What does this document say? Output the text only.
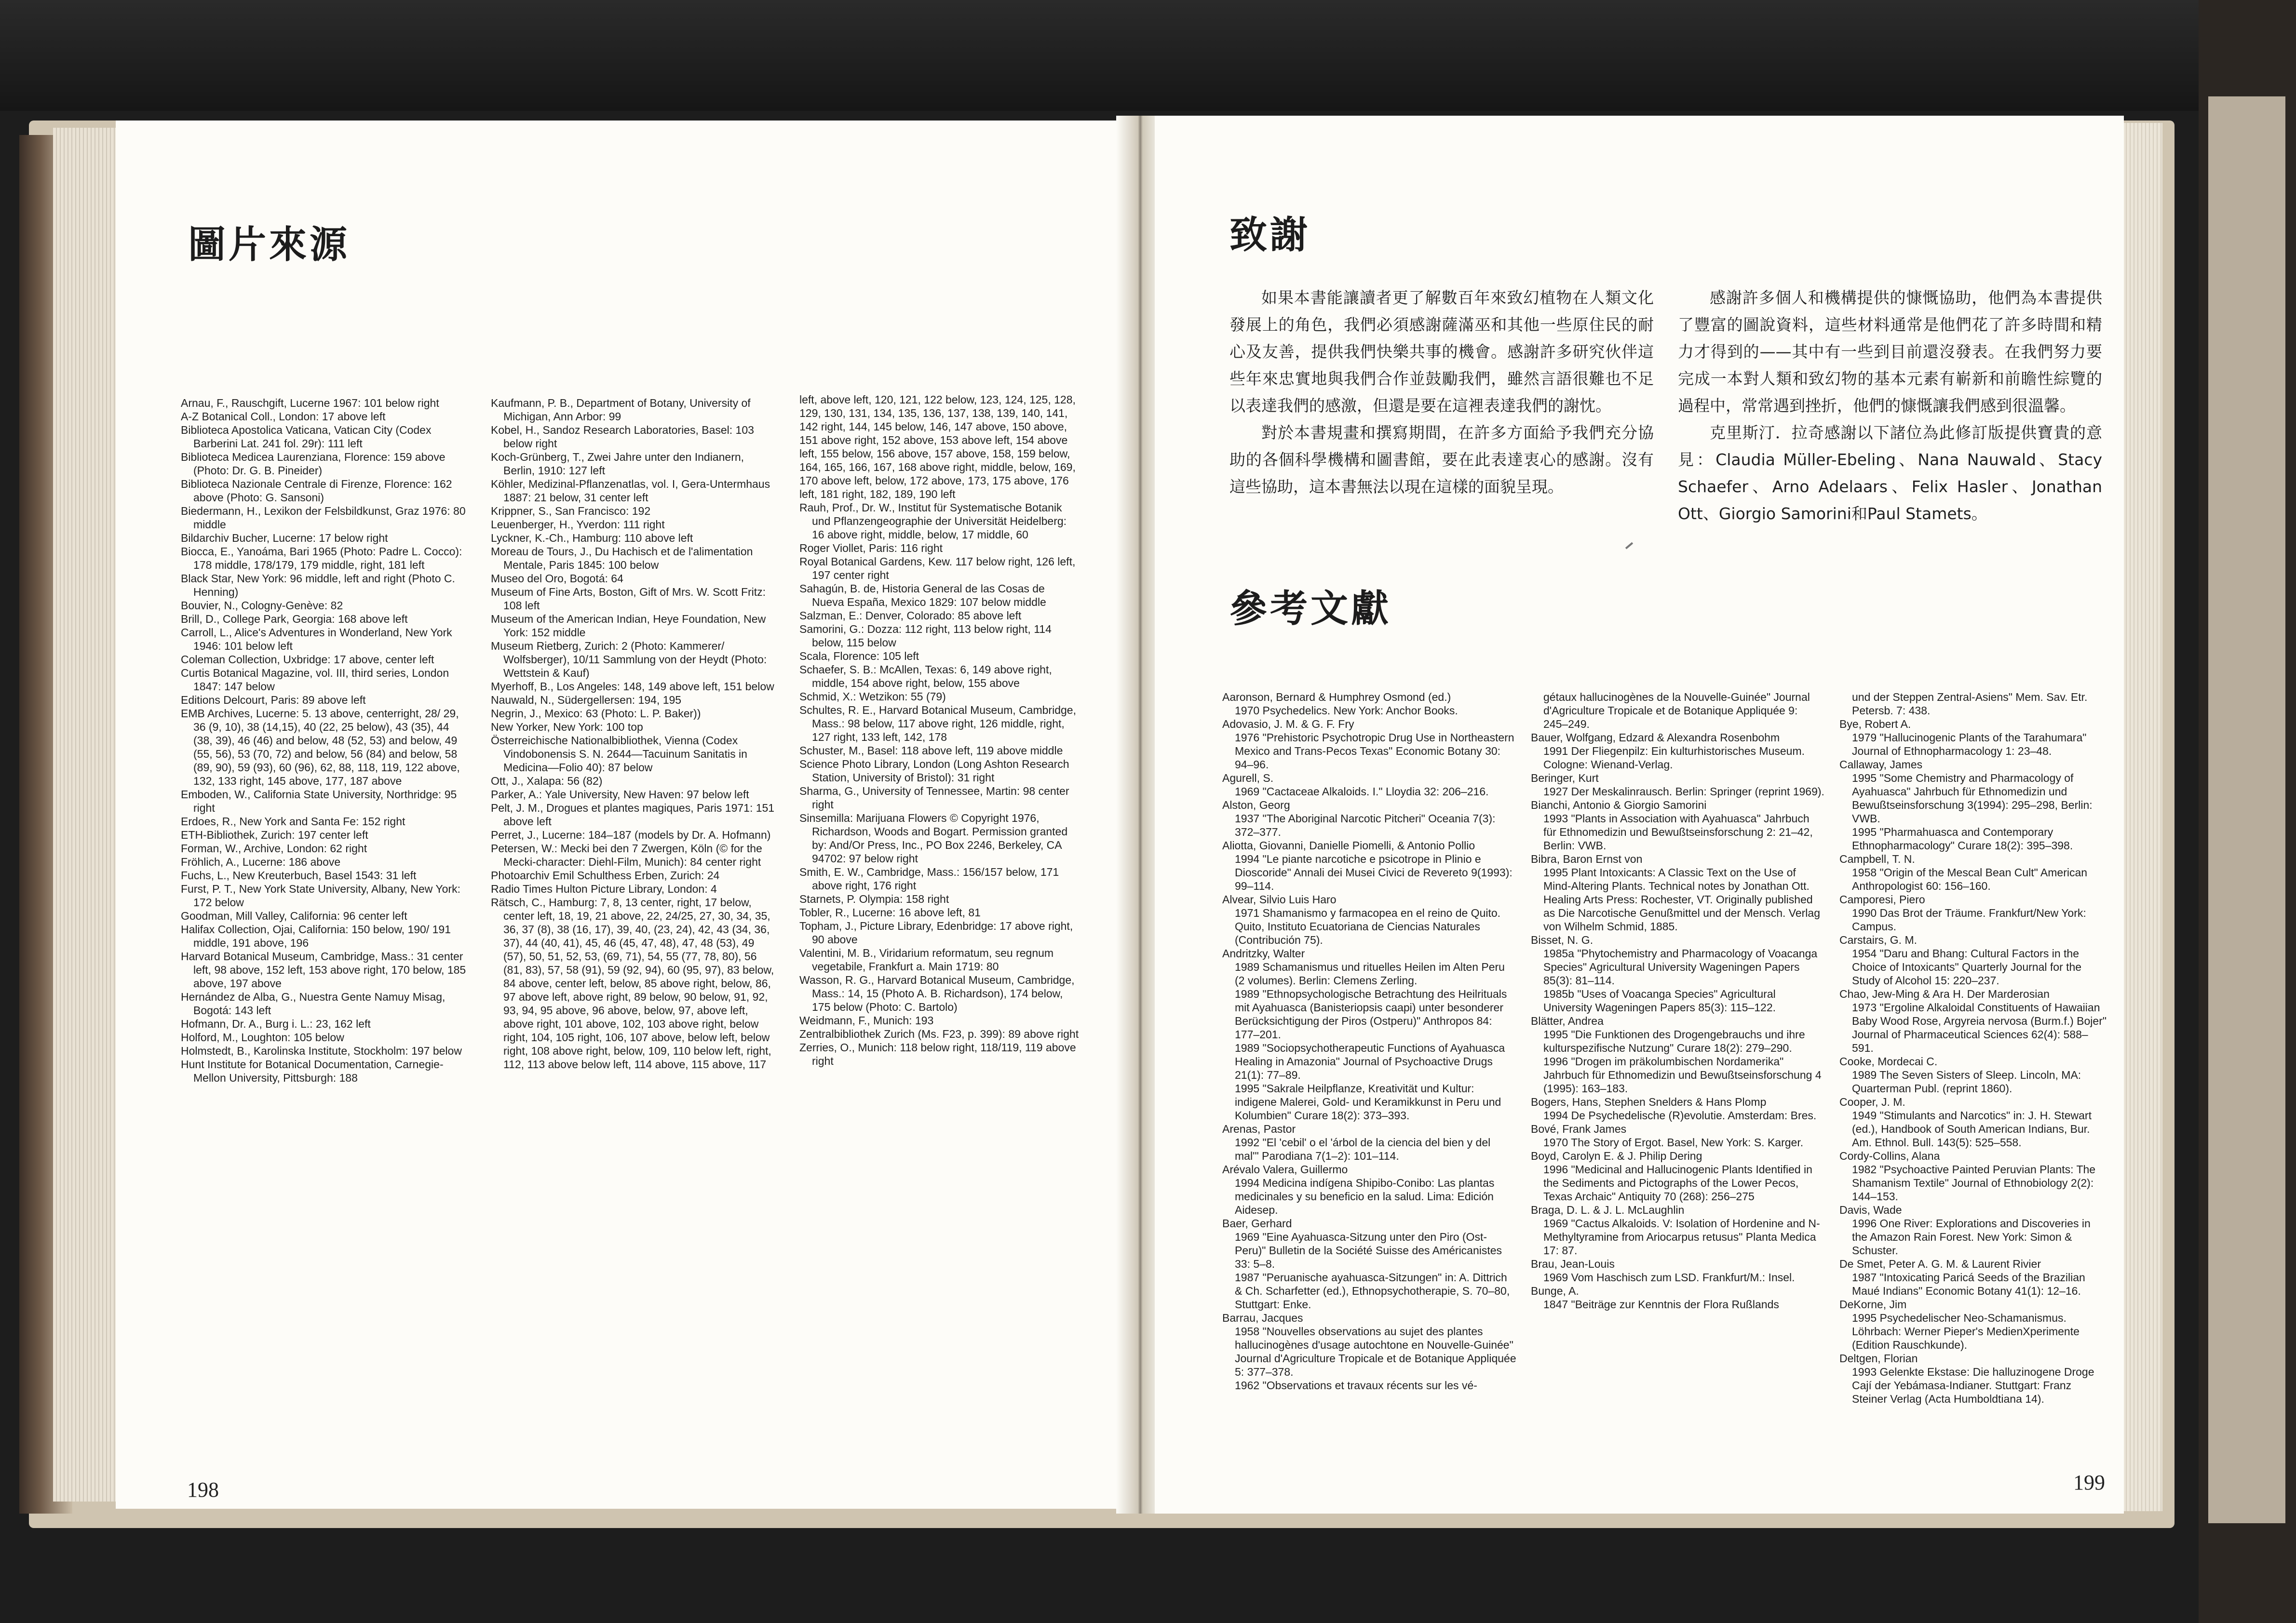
圖片來源

Arnau, F., Rauschgift, Lucerne 1967: 101 below right

A-Z Botanical Coll., London: 17 above left

Biblioteca Apostolica Vaticana, Vatican City (Codex Barberini Lat. 241 fol. 29r): 111 left

Biblioteca Medicea Laurenziana, Florence: 159 above (Photo: Dr. G. B. Pineider)

Biblioteca Nazionale Centrale di Firenze, Florence: 162 above (Photo: G. Sansoni)

Biedermann, H., Lexikon der Felsbildkunst, Graz 1976: 80 middle

Bildarchiv Bucher, Lucerne: 17 below right

Biocca, E., Yanoáma, Bari 1965 (Photo: Padre L. Cocco): 178 middle, 178/179, 179 middle, right, 181 left

Black Star, New York: 96 middle, left and right (Photo C. Henning)

Bouvier, N., Cologny-Genève: 82

Brill, D., College Park, Georgia: 168 above left

Carroll, L., Alice's Adventures in Wonderland, New York 1946: 101 below left

Coleman Collection, Uxbridge: 17 above, center left

Curtis Botanical Magazine, vol. III, third series, London 1847: 147 below

Editions Delcourt, Paris: 89 above left

EMB Archives, Lucerne: 5. 13 above, centerright, 28/ 29, 36 (9, 10), 38 (14,15), 40 (22, 25 below), 43 (35), 44 (38, 39), 46 (46) and below, 48 (52, 53) and below, 49 (55, 56), 53 (70, 72) and below, 56 (84) and below, 58 (89, 90), 59 (93), 60 (96), 62, 88, 118, 119, 122 above, 132, 133 right, 145 above, 177, 187 above

Emboden, W., California State University, Northridge: 95 right

Erdoes, R., New York and Santa Fe: 152 right

ETH-Bibliothek, Zurich: 197 center left

Forman, W., Archive, London: 62 right

Fröhlich, A., Lucerne: 186 above

Fuchs, L., New Kreuterbuch, Basel 1543: 31 left

Furst, P. T., New York State University, Albany, New York: 172 below

Goodman, Mill Valley, California: 96 center left

Halifax Collection, Ojai, California: 150 below, 190/ 191 middle, 191 above, 196

Harvard Botanical Museum, Cambridge, Mass.: 31 center left, 98 above, 152 left, 153 above right, 170 below, 185 above, 197 above

Hernández de Alba, G., Nuestra Gente Namuy Misag, Bogotá: 143 left

Hofmann, Dr. A., Burg i. L.: 23, 162 left

Holford, M., Loughton: 105 below

Holmstedt, B., Karolinska Institute, Stockholm: 197 below

Hunt Institute for Botanical Documentation, Carnegie-Mellon University, Pittsburgh: 188

Kaufmann, P. B., Department of Botany, University of Michigan, Ann Arbor: 99

Kobel, H., Sandoz Research Laboratories, Basel: 103 below right

Koch-Grünberg, T., Zwei Jahre unter den Indianern, Berlin, 1910: 127 left

Köhler, Medizinal-Pflanzenatlas, vol. I, Gera-Untermhaus 1887: 21 below, 31 center left

Krippner, S., San Francisco: 192

Leuenberger, H., Yverdon: 111 right

Lyckner, K.-Ch., Hamburg: 110 above left

Moreau de Tours, J., Du Hachisch et de l'alimentation Mentale, Paris 1845: 100 below

Museo del Oro, Bogotá: 64

Museum of Fine Arts, Boston, Gift of Mrs. W. Scott Fritz: 108 left

Museum of the American Indian, Heye Foundation, New York: 152 middle

Museum Rietberg, Zurich: 2 (Photo: Kammerer/ Wolfsberger), 10/11 Sammlung von der Heydt (Photo: Wettstein & Kauf)

Myerhoff, B., Los Angeles: 148, 149 above left, 151 below

Nauwald, N., Südergellersen: 194, 195

Negrin, J., Mexico: 63 (Photo: L. P. Baker))

New Yorker, New York: 100 top

Österreichische Nationalbibliothek, Vienna (Codex Vindobonensis S. N. 2644—Tacuinum Sanitatis in Medicina—Folio 40): 87 below

Ott, J., Xalapa: 56 (82)

Parker, A.: Yale University, New Haven: 97 below left

Pelt, J. M., Drogues et plantes magiques, Paris 1971: 151 above left

Perret, J., Lucerne: 184–187 (models by Dr. A. Hofmann)

Petersen, W.: Mecki bei den 7 Zwergen, Köln (© for the Mecki-character: Diehl-Film, Munich): 84 center right

Photoarchiv Emil Schulthess Erben, Zurich: 24

Radio Times Hulton Picture Library, London: 4

Rätsch, C., Hamburg: 7, 8, 13 center, right, 17 below, center left, 18, 19, 21 above, 22, 24/25, 27, 30, 34, 35, 36, 37 (8), 38 (16, 17), 39, 40, (23, 24), 42, 43 (34, 36, 37), 44 (40, 41), 45, 46 (45, 47, 48), 47, 48 (53), 49 (57), 50, 51, 52, 53, (69, 71), 54, 55 (77, 78, 80), 56 (81, 83), 57, 58 (91), 59 (92, 94), 60 (95, 97), 83 below, 84 above, center left, below, 85 above right, below, 86, 97 above left, above right, 89 below, 90 below, 91, 92, 93, 94, 95 above, 96 above, below, 97, above left, above right, 101 above, 102, 103 above right, below right, 104, 105 right, 106, 107 above, below left, below right, 108 above right, below, 109, 110 below left, right, 112, 113 above below left, 114 above, 115 above, 117

left, above left, 120, 121, 122 below, 123, 124, 125, 128, 129, 130, 131, 134, 135, 136, 137, 138, 139, 140, 141, 142 right, 144, 145 below, 146, 147 above, 150 above, 151 above right, 152 above, 153 above left, 154 above left, 155 below, 156 above, 157 above, 158, 159 below, 164, 165, 166, 167, 168 above right, middle, below, 169, 170 above left, below, 172 above, 173, 175 above, 176 left, 181 right, 182, 189, 190 left

Rauh, Prof., Dr. W., Institut für Systematische Botanik und Pflanzengeographie der Universität Heidelberg: 16 above right, middle, below, 17 middle, 60

Roger Viollet, Paris: 116 right

Royal Botanical Gardens, Kew. 117 below right, 126 left, 197 center right

Sahagún, B. de, Historia General de las Cosas de Nueva España, Mexico 1829: 107 below middle

Salzman, E.: Denver, Colorado: 85 above left

Samorini, G.: Dozza: 112 right, 113 below right, 114 below, 115 below

Scala, Florence: 105 left

Schaefer, S. B.: McAllen, Texas: 6, 149 above right, middle, 154 above right, below, 155 above

Schmid, X.: Wetzikon: 55 (79)

Schultes, R. E., Harvard Botanical Museum, Cambridge, Mass.: 98 below, 117 above right, 126 middle, right, 127 right, 133 left, 142, 178

Schuster, M., Basel: 118 above left, 119 above middle

Science Photo Library, London (Long Ashton Research Station, University of Bristol): 31 right

Sharma, G., University of Tennessee, Martin: 98 center right

Sinsemilla: Marijuana Flowers © Copyright 1976, Richardson, Woods and Bogart. Permission granted by: And/Or Press, Inc., PO Box 2246, Berkeley, CA 94702: 97 below right

Smith, E. W., Cambridge, Mass.: 156/157 below, 171 above right, 176 right

Starnets, P. Olympia: 158 right

Tobler, R., Lucerne: 16 above left, 81

Topham, J., Picture Library, Edenbridge: 17 above right, 90 above

Valentini, M. B., Viridarium reformatum, seu regnum vegetabile, Frankfurt a. Main 1719: 80

Wasson, R. G., Harvard Botanical Museum, Cambridge, Mass.: 14, 15 (Photo A. B. Richardson), 174 below, 175 below (Photo: C. Bartolo)

Weidmann, F., Munich: 193

Zentralbibliothek Zurich (Ms. F23, p. 399): 89 above right

Zerries, O., Munich: 118 below right, 118/119, 119 above right

198
致謝

如果本書能讓讀者更了解數百年來致幻植物在人類文化發展上的角色，我們必須感謝薩滿巫和其他一些原住民的耐心及友善，提供我們快樂共事的機會。感謝許多研究伙伴這些年來忠實地與我們合作並鼓勵我們，雖然言語很難也不足以表達我們的感激，但還是要在這裡表達我們的謝忱。

對於本書規畫和撰寫期間，在許多方面給予我們充分協助的各個科學機構和圖書館，要在此表達衷心的感謝。沒有這些協助，這本書無法以現在這樣的面貌呈現。

感謝許多個人和機構提供的慷慨協助，他們為本書提供了豐富的圖說資料，這些材料通常是他們花了許多時間和精力才得到的——其中有一些到目前還沒發表。在我們努力要完成一本對人類和致幻物的基本元素有嶄新和前瞻性綜覽的過程中，常常遇到挫折，他們的慷慨讓我們感到很溫馨。

克里斯汀．拉奇感謝以下諸位為此修訂版提供寶貴的意見：Claudia Müller-Ebeling、Nana Nauwald、Stacy Schaefer、Arno Adelaars、Felix Hasler、Jonathan Ott、Giorgio Samorini和Paul Stamets。

參考文獻

Aaronson, Bernard & Humphrey Osmond (ed.)

1970 Psychedelics. New York: Anchor Books.

Adovasio, J. M. & G. F. Fry

1976 "Prehistoric Psychotropic Drug Use in Northeastern Mexico and Trans-Pecos Texas" Economic Botany 30: 94–96.

Agurell, S.

1969 "Cactaceae Alkaloids. I." Lloydia 32: 206–216.

Alston, Georg

1937 "The Aboriginal Narcotic Pitcheri" Oceania 7(3): 372–377.

Aliotta, Giovanni, Danielle Piomelli, & Antonio Pollio

1994 "Le piante narcotiche e psicotrope in Plinio e Dioscoride" Annali dei Musei Civici de Revereto 9(1993): 99–114.

Alvear, Silvio Luis Haro

1971 Shamanismo y farmacopea en el reino de Quito. Quito, Instituto Ecuatoriana de Ciencias Naturales (Contribución 75).

Andritzky, Walter

1989 Schamanismus und rituelles Heilen im Alten Peru (2 volumes). Berlin: Clemens Zerling.

1989 "Ethnopsychologische Betrachtung des Heilrituals mit Ayahuasca (Banisteriopsis caapi) unter besonderer Berücksichtigung der Piros (Ostperu)" Anthropos 84: 177–201.

1989 "Sociopsychotherapeutic Functions of Ayahuasca Healing in Amazonia" Journal of Psychoactive Drugs 21(1): 77–89.

1995 "Sakrale Heilpflanze, Kreativität und Kultur: indigene Malerei, Gold- und Keramikkunst in Peru und Kolumbien" Curare 18(2): 373–393.

Arenas, Pastor

1992 "El 'cebil' o el 'árbol de la ciencia del bien y del mal'" Parodiana 7(1–2): 101–114.

Arévalo Valera, Guillermo

1994 Medicina indígena Shipibo-Conibo: Las plantas medicinales y su beneficio en la salud. Lima: Edición Aidesep.

Baer, Gerhard

1969 "Eine Ayahuasca-Sitzung unter den Piro (Ost-Peru)" Bulletin de la Société Suisse des Américanistes 33: 5–8.

1987 "Peruanische ayahuasca-Sitzungen" in: A. Dittrich & Ch. Scharfetter (ed.), Ethnopsychotherapie, S. 70–80, Stuttgart: Enke.

Barrau, Jacques

1958 "Nouvelles observations au sujet des plantes hallucinogènes d'usage autochtone en Nouvelle-Guinée" Journal d'Agriculture Tropicale et de Botanique Appliquée 5: 377–378.

1962 "Observations et travaux récents sur les vé-

gétaux hallucinogènes de la Nouvelle-Guinée" Journal d'Agriculture Tropicale et de Botanique Appliquée 9: 245–249.

Bauer, Wolfgang, Edzard & Alexandra Rosenbohm

1991 Der Fliegenpilz: Ein kulturhistorisches Museum. Cologne: Wienand-Verlag.

Beringer, Kurt

1927 Der Meskalinrausch. Berlin: Springer (reprint 1969).

Bianchi, Antonio & Giorgio Samorini

1993 "Plants in Association with Ayahuasca" Jahrbuch für Ethnomedizin und Bewußtseinsforschung 2: 21–42, Berlin: VWB.

Bibra, Baron Ernst von

1995 Plant Intoxicants: A Classic Text on the Use of Mind-Altering Plants. Technical notes by Jonathan Ott. Healing Arts Press: Rochester, VT. Originally published as Die Narcotische Genußmittel und der Mensch. Verlag von Wilhelm Schmid, 1885.

Bisset, N. G.

1985a "Phytochemistry and Pharmacology of Voacanga Species" Agricultural University Wageningen Papers 85(3): 81–114.

1985b "Uses of Voacanga Species" Agricultural University Wageningen Papers 85(3): 115–122.

Blätter, Andrea

1995 "Die Funktionen des Drogengebrauchs und ihre kulturspezifische Nutzung" Curare 18(2): 279–290.

1996 "Drogen im präkolumbischen Nordamerika" Jahrbuch für Ethnomedizin und Bewußtseinsforschung 4 (1995): 163–183.

Bogers, Hans, Stephen Snelders & Hans Plomp

1994 De Psychedelische (R)evolutie. Amsterdam: Bres.

Bové, Frank James

1970 The Story of Ergot. Basel, New York: S. Karger.

Boyd, Carolyn E. & J. Philip Dering

1996 "Medicinal and Hallucinogenic Plants Identified in the Sediments and Pictographs of the Lower Pecos, Texas Archaic" Antiquity 70 (268): 256–275

Braga, D. L. & J. L. McLaughlin

1969 "Cactus Alkaloids. V: Isolation of Hordenine and N-Methyltyramine from Ariocarpus retusus" Planta Medica 17: 87.

Brau, Jean-Louis

1969 Vom Haschisch zum LSD. Frankfurt/M.: Insel.

Bunge, A.

1847 "Beiträge zur Kenntnis der Flora Rußlands

und der Steppen Zentral-Asiens" Mem. Sav. Etr. Petersb. 7: 438.

Bye, Robert A.

1979 "Hallucinogenic Plants of the Tarahumara" Journal of Ethnopharmacology 1: 23–48.

Callaway, James

1995 "Some Chemistry and Pharmacology of Ayahuasca" Jahrbuch für Ethnomedizin und Bewußtseinsforschung 3(1994): 295–298, Berlin: VWB.

1995 "Pharmahuasca and Contemporary Ethnopharmacology" Curare 18(2): 395–398.

Campbell, T. N.

1958 "Origin of the Mescal Bean Cult" American Anthropologist 60: 156–160.

Camporesi, Piero

1990 Das Brot der Träume. Frankfurt/New York: Campus.

Carstairs, G. M.

1954 "Daru and Bhang: Cultural Factors in the Choice of Intoxicants" Quarterly Journal for the Study of Alcohol 15: 220–237.

Chao, Jew-Ming & Ara H. Der Marderosian

1973 "Ergoline Alkaloidal Constituents of Hawaiian Baby Wood Rose, Argyreia nervosa (Burm.f.) Bojer" Journal of Pharmaceutical Sciences 62(4): 588–591.

Cooke, Mordecai C.

1989 The Seven Sisters of Sleep. Lincoln, MA: Quarterman Publ. (reprint 1860).

Cooper, J. M.

1949 "Stimulants and Narcotics" in: J. H. Stewart (ed.), Handbook of South American Indians, Bur. Am. Ethnol. Bull. 143(5): 525–558.

Cordy-Collins, Alana

1982 "Psychoactive Painted Peruvian Plants: The Shamanism Textile" Journal of Ethnobiology 2(2): 144–153.

Davis, Wade

1996 One River: Explorations and Discoveries in the Amazon Rain Forest. New York: Simon & Schuster.

De Smet, Peter A. G. M. & Laurent Rivier

1987 "Intoxicating Paricá Seeds of the Brazilian Maué Indians" Economic Botany 41(1): 12–16.

DeKorne, Jim

1995 Psychedelischer Neo-Schamanismus. Löhrbach: Werner Pieper's MedienXperimente (Edition Rauschkunde).

Deltgen, Florian

1993 Gelenkte Ekstase: Die halluzinogene Droge Cají der Yebámasa-Indianer. Stuttgart: Franz Steiner Verlag (Acta Humboldtiana 14).

199
